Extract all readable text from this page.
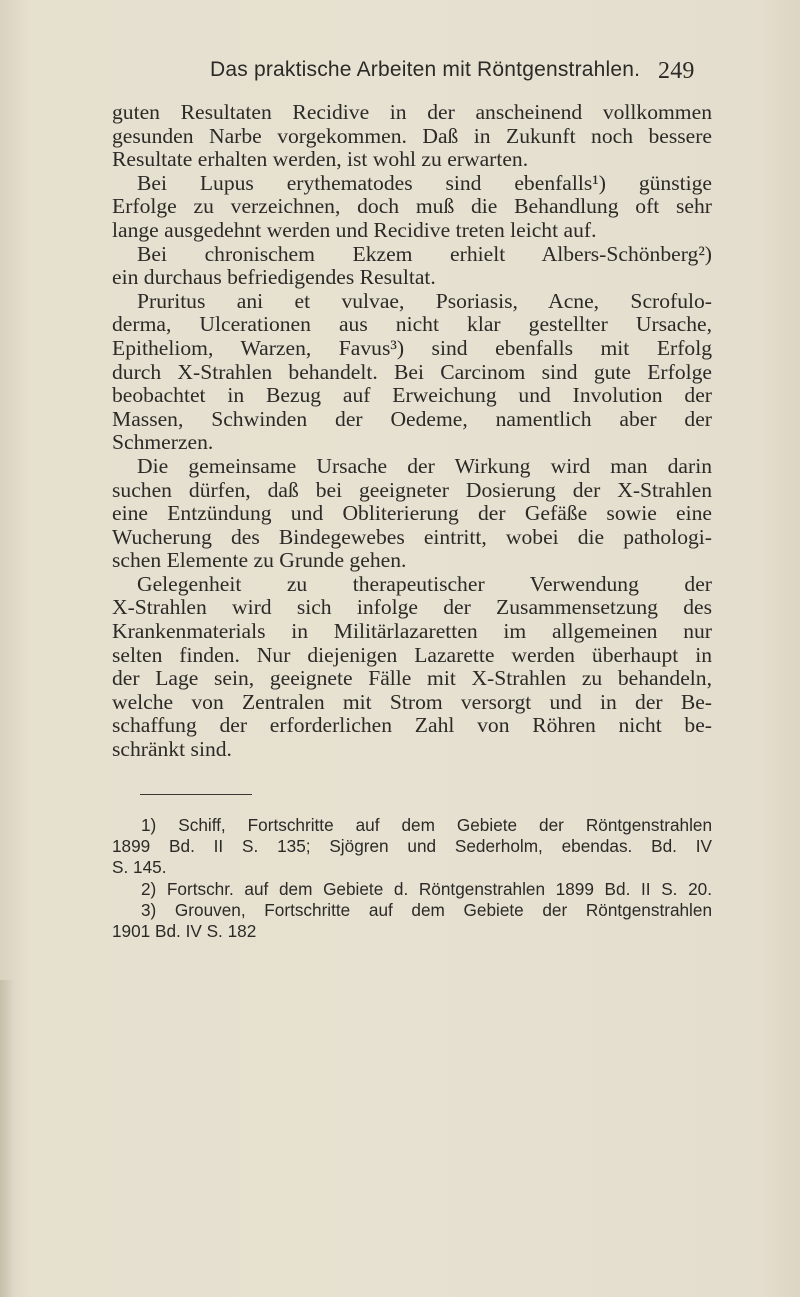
Das praktische Arbeiten mit Röntgenstrahlen. 249
guten Resultaten Recidive in der anscheinend vollkommen
gesunden Narbe vorgekommen. Daß in Zukunft noch bessere
Resultate erhalten werden, ist wohl zu erwarten.
Bei Lupus erythematodes sind ebenfalls¹) günstige
Erfolge zu verzeichnen, doch muß die Behandlung oft sehr
lange ausgedehnt werden und Recidive treten leicht auf.
Bei chronischem Ekzem erhielt Albers-Schönberg²)
ein durchaus befriedigendes Resultat.
Pruritus ani et vulvae, Psoriasis, Acne, Scrofulo-
derma, Ulcerationen aus nicht klar gestellter Ursache,
Epitheliom, Warzen, Favus³) sind ebenfalls mit Erfolg
durch X-Strahlen behandelt. Bei Carcinom sind gute Erfolge
beobachtet in Bezug auf Erweichung und Involution der
Massen, Schwinden der Oedeme, namentlich aber der
Schmerzen.
Die gemeinsame Ursache der Wirkung wird man darin
suchen dürfen, daß bei geeigneter Dosierung der X-Strahlen
eine Entzündung und Obliterierung der Gefäße sowie eine
Wucherung des Bindegewebes eintritt, wobei die pathologi-
schen Elemente zu Grunde gehen.
Gelegenheit zu therapeutischer Verwendung der
X-Strahlen wird sich infolge der Zusammensetzung des
Krankenmaterials in Militärlazaretten im allgemeinen nur
selten finden. Nur diejenigen Lazarette werden überhaupt in
der Lage sein, geeignete Fälle mit X-Strahlen zu behandeln,
welche von Zentralen mit Strom versorgt und in der Be-
schaffung der erforderlichen Zahl von Röhren nicht be-
schränkt sind.
1) Schiff, Fortschritte auf dem Gebiete der Röntgenstrahlen
1899 Bd. II S. 135; Sjögren und Sederholm, ebendas. Bd. IV
S. 145.
2) Fortschr. auf dem Gebiete d. Röntgenstrahlen 1899 Bd. II S. 20.
3) Grouven, Fortschritte auf dem Gebiete der Röntgenstrahlen
1901 Bd. IV S. 182
